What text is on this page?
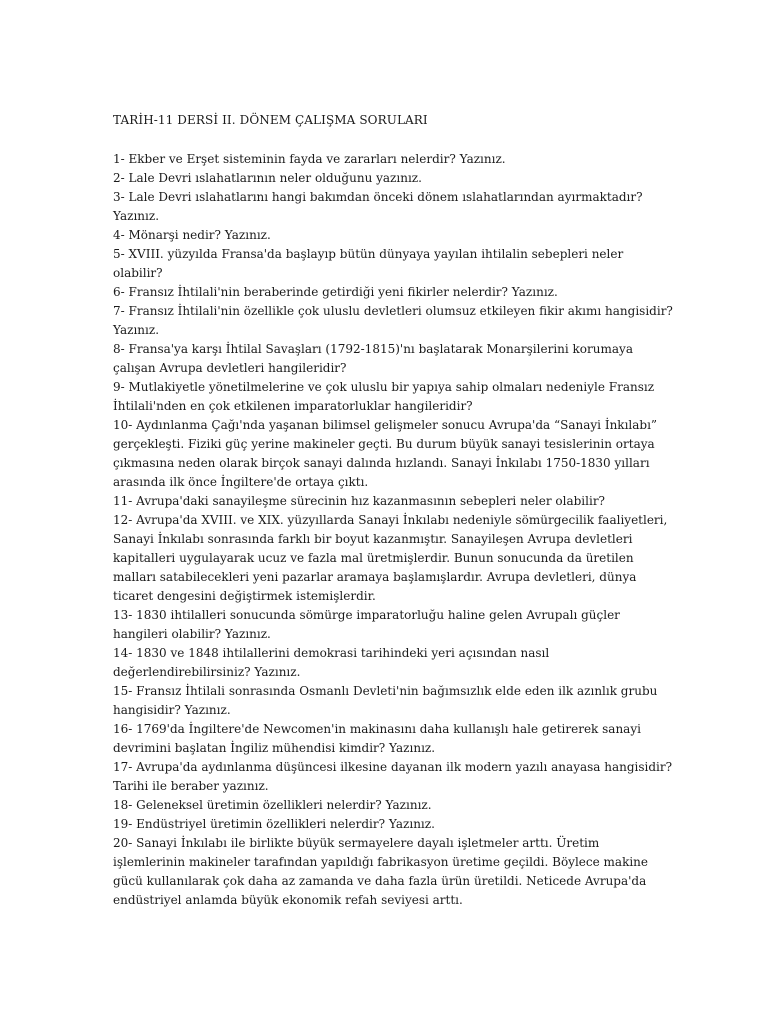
TARİH-11 DERSİ II. DÖNEM ÇALIŞMA SORULARI
1- Ekber ve Erşet sisteminin fayda ve zararları nelerdir? Yazınız.
2- Lale Devri ıslahatlarının neler olduğunu yazınız.
3- Lale Devri ıslahatlarını hangi bakımdan önceki dönem ıslahatlarından ayırmaktadır? Yazınız.
4- Mönarşi nedir? Yazınız.
5- XVIII. yüzyılda Fransa'da başlayıp bütün dünyaya yayılan ihtilalin sebepleri neler olabilir?
6- Fransız İhtilali'nin beraberinde getirdiği yeni fikirler nelerdir? Yazınız.
7- Fransız İhtilali'nin özellikle çok uluslu devletleri olumsuz etkileyen fikir akımı hangisidir? Yazınız.
8- Fransa'ya karşı İhtilal Savaşları (1792-1815)'nı başlatarak Monarşilerini korumaya çalışan Avrupa devletleri hangileridir?
9- Mutlakiyetle yönetilmelerine ve çok uluslu bir yapıya sahip olmaları nedeniyle Fransız İhtilali'nden en çok etkilenen imparatorluklar hangileridir?
10- Aydınlanma Çağı'nda yaşanan bilimsel gelişmeler sonucu Avrupa'da “Sanayi İnkılabı” gerçekleşti. Fiziki güç yerine makineler geçti. Bu durum büyük sanayi tesislerinin ortaya çıkmasına neden olarak birçok sanayi dalında hızlandı. Sanayi İnkılabı 1750-1830 yılları arasında ilk önce İngiltere'de ortaya çıktı.
11- Avrupa'daki sanayileşme sürecinin hız kazanmasının sebepleri neler olabilir?
12- Avrupa'da XVIII. ve XIX. yüzyıllarda Sanayi İnkılabı nedeniyle sömürgecilik faaliyetleri, Sanayi İnkılabı sonrasında farklı bir boyut kazanmıştır. Sanayileşen Avrupa devletleri kapitalleri uygulayarak ucuz ve fazla mal üretmişlerdir. Bunun sonucunda da üretilen malları satabilecekleri yeni pazarlar aramaya başlamışlardır. Avrupa devletleri, dünya ticaret dengesini değiştirmek istemişlerdir.
13- 1830 ihtilalleri sonucunda sömürge imparatorluğu haline gelen Avrupalı güçler hangileri olabilir? Yazınız.
14- 1830 ve 1848 ihtilallerini demokrasi tarihindeki yeri açısından nasıl değerlendirebilirsiniz? Yazınız.
15- Fransız İhtilali sonrasında Osmanlı Devleti'nin bağımsızlık elde eden ilk azınlık grubu hangisidir? Yazınız.
16- 1769'da İngiltere'de Newcomen'in makinasını daha kullanışlı hale getirerek sanayi devrimini başlatan İngiliz mühendisi kimdir? Yazınız.
17- Avrupa'da aydınlanma düşüncesi ilkesine dayanan ilk modern yazılı anayasa hangisidir? Tarihi ile beraber yazınız.
18- Geleneksel üretimin özellikleri nelerdir? Yazınız.
19- Endüstriyel üretimin özellikleri nelerdir? Yazınız.
20- Sanayi İnkılabı ile birlikte büyük sermayelere dayalı işletmeler arttı. Üretim işlemlerinin makineler tarafından yapıldığı fabrikasyon üretime geçildi. Böylece makine gücü kullanılarak çok daha az zamanda ve daha fazla ürün üretildi. Neticede Avrupa'da endüstriyel anlamda büyük ekonomik refah seviyesi arttı.
